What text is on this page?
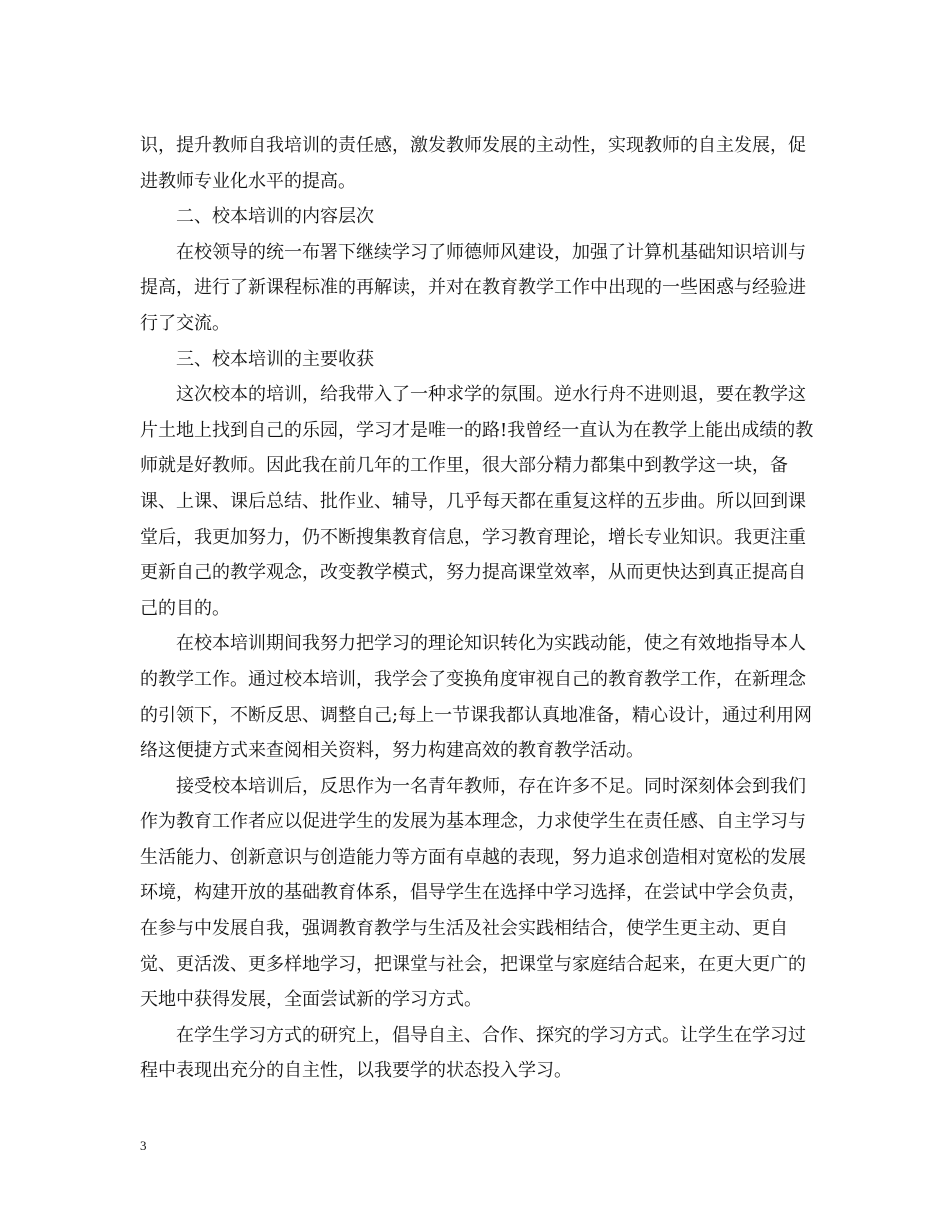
识，提升教师自我培训的责任感，激发教师发展的主动性，实现教师的自主发展，促进教师专业化水平的提高。

二、校本培训的内容层次

在校领导的统一布署下继续学习了师德师风建设，加强了计算机基础知识培训与提高，进行了新课程标准的再解读，并对在教育教学工作中出现的一些困惑与经验进行了交流。

三、校本培训的主要收获

这次校本的培训，给我带入了一种求学的氛围。逆水行舟不进则退，要在教学这片土地上找到自己的乐园，学习才是唯一的路!我曾经一直认为在教学上能出成绩的教师就是好教师。因此我在前几年的工作里，很大部分精力都集中到教学这一块，备课、上课、课后总结、批作业、辅导，几乎每天都在重复这样的五步曲。所以回到课堂后，我更加努力，仍不断搜集教育信息，学习教育理论，增长专业知识。我更注重更新自己的教学观念，改变教学模式，努力提高课堂效率，从而更快达到真正提高自己的目的。

在校本培训期间我努力把学习的理论知识转化为实践动能，使之有效地指导本人的教学工作。通过校本培训，我学会了变换角度审视自己的教育教学工作，在新理念的引领下，不断反思、调整自己;每上一节课我都认真地准备，精心设计，通过利用网络这便捷方式来查阅相关资料，努力构建高效的教育教学活动。

接受校本培训后，反思作为一名青年教师，存在许多不足。同时深刻体会到我们作为教育工作者应以促进学生的发展为基本理念，力求使学生在责任感、自主学习与生活能力、创新意识与创造能力等方面有卓越的表现，努力追求创造相对宽松的发展环境，构建开放的基础教育体系，倡导学生在选择中学习选择，在尝试中学会负责，在参与中发展自我，强调教育教学与生活及社会实践相结合，使学生更主动、更自觉、更活泼、更多样地学习，把课堂与社会，把课堂与家庭结合起来，在更大更广的天地中获得发展，全面尝试新的学习方式。

在学生学习方式的研究上，倡导自主、合作、探究的学习方式。让学生在学习过程中表现出充分的自主性，以我要学的状态投入学习。

3
